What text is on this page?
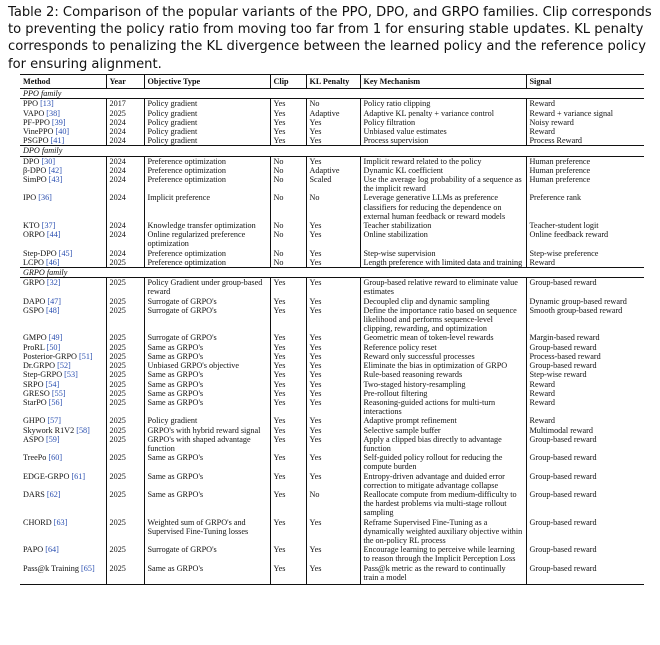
Table 2: Comparison of the popular variants of the PPO, DPO, and GRPO families. Clip corresponds to preventing the policy ratio from moving too far from 1 for ensuring stable updates. KL penalty corresponds to penalizing the KL divergence between the learned policy and the reference policy for ensuring alignment.
Method	Year	Objective Type	Clip	KL Penalty	Key Mechanism	Signal
PPO family						
PPO [13]	2017	Policy gradient	Yes	No	Policy ratio clipping	Reward
VAPO [38]	2025	Policy gradient	Yes	Adaptive	Adaptive KL penalty + variance control	Reward + variance signal
PF-PPO [39]	2024	Policy gradient	Yes	Yes	Policy filtration	Noisy reward
VinePPO [40]	2024	Policy gradient	Yes	Yes	Unbiased value estimates	Reward
PSGPO [41]	2024	Policy gradient	Yes	Yes	Process supervision	Process Reward
DPO family						
DPO [30]	2024	Preference optimization	No	Yes	Implicit reward related to the policy	Human preference
β-DPO [42]	2024	Preference optimization	No	Adaptive	Dynamic KL coefficient	Human preference
SimPO [43]	2024	Preference optimization	No	Scaled	Use the average log probability of a sequence as the implicit reward	Human preference
IPO [36]	2024	Implicit preference	No	No	Leverage generative LLMs as preference classifiers for reducing the dependence on external human feedback or reward models	Preference rank
KTO [37]	2024	Knowledge transfer optimization	No	Yes	Teacher stabilization	Teacher-student logit
ORPO [44]	2024	Online regularized preference optimization	No	Yes	Online stabilization	Online feedback reward
Step-DPO [45]	2024	Preference optimization	No	Yes	Step-wise supervision	Step-wise preference
LCPO [46]	2025	Preference optimization	No	Yes	Length preference with limited data and training	Reward
GRPO family						
GRPO [32]	2025	Policy Gradient under group-based reward	Yes	Yes	Group-based relative reward to eliminate value estimates	Group-based reward
DAPO [47]	2025	Surrogate of GRPO's	Yes	Yes	Decoupled clip and dynamic sampling	Dynamic group-based reward
GSPO [48]	2025	Surrogate of GRPO's	Yes	Yes	Define the importance ratio based on sequence likelihood and performs sequence-level clipping, rewarding, and optimization	Smooth group-based reward
GMPO [49]	2025	Surrogate of GRPO's	Yes	Yes	Geometric mean of token-level rewards	Margin-based reward
ProRL [50]	2025	Same as GRPO's	Yes	Yes	Reference policy reset	Group-based reward
Posterior-GRPO [51]	2025	Same as GRPO's	Yes	Yes	Reward only successful processes	Process-based reward
Dr.GRPO [52]	2025	Unbiased GRPO's objective	Yes	Yes	Eliminate the bias in optimization of GRPO	Group-based reward
Step-GRPO [53]	2025	Same as GRPO's	Yes	Yes	Rule-based reasoning rewards	Step-wise reward
SRPO [54]	2025	Same as GRPO's	Yes	Yes	Two-staged history-resampling	Reward
GRESO [55]	2025	Same as GRPO's	Yes	Yes	Pre-rollout filtering	Reward
StarPO [56]	2025	Same as GRPO's	Yes	Yes	Reasoning-guided actions for multi-turn interactions	Reward
GHPO [57]	2025	Policy gradient	Yes	Yes	Adaptive prompt refinement	Reward
Skywork R1V2 [58]	2025	GRPO's with hybrid reward signal	Yes	Yes	Selective sample buffer	Multimodal reward
ASPO [59]	2025	GRPO's with shaped advantage function	Yes	Yes	Apply a clipped bias directly to advantage function	Group-based reward
TreePo [60]	2025	Same as GRPO's	Yes	Yes	Self-guided policy rollout for reducing the compute burden	Group-based reward
EDGE-GRPO [61]	2025	Same as GRPO's	Yes	Yes	Entropy-driven advantage and duided error correction to mitigate advantage collapse	Group-based reward
DARS [62]	2025	Same as GRPO's	Yes	No	Reallocate compute from medium-difficulty to the hardest problems via multi-stage rollout sampling	Group-based reward
CHORD [63]	2025	Weighted sum of GRPO's and Supervised Fine-Tuning losses	Yes	Yes	Reframe Supervised Fine-Tuning as a dynamically weighted auxiliary objective within the on-policy RL process	Group-based reward
PAPO [64]	2025	Surrogate of GRPO's	Yes	Yes	Encourage learning to perceive while learning to reason through the Implicit Perception Loss	Group-based reward
Pass@k Training [65]	2025	Same as GRPO's	Yes	Yes	Pass@k metric as the reward to continually train a model	Group-based reward
